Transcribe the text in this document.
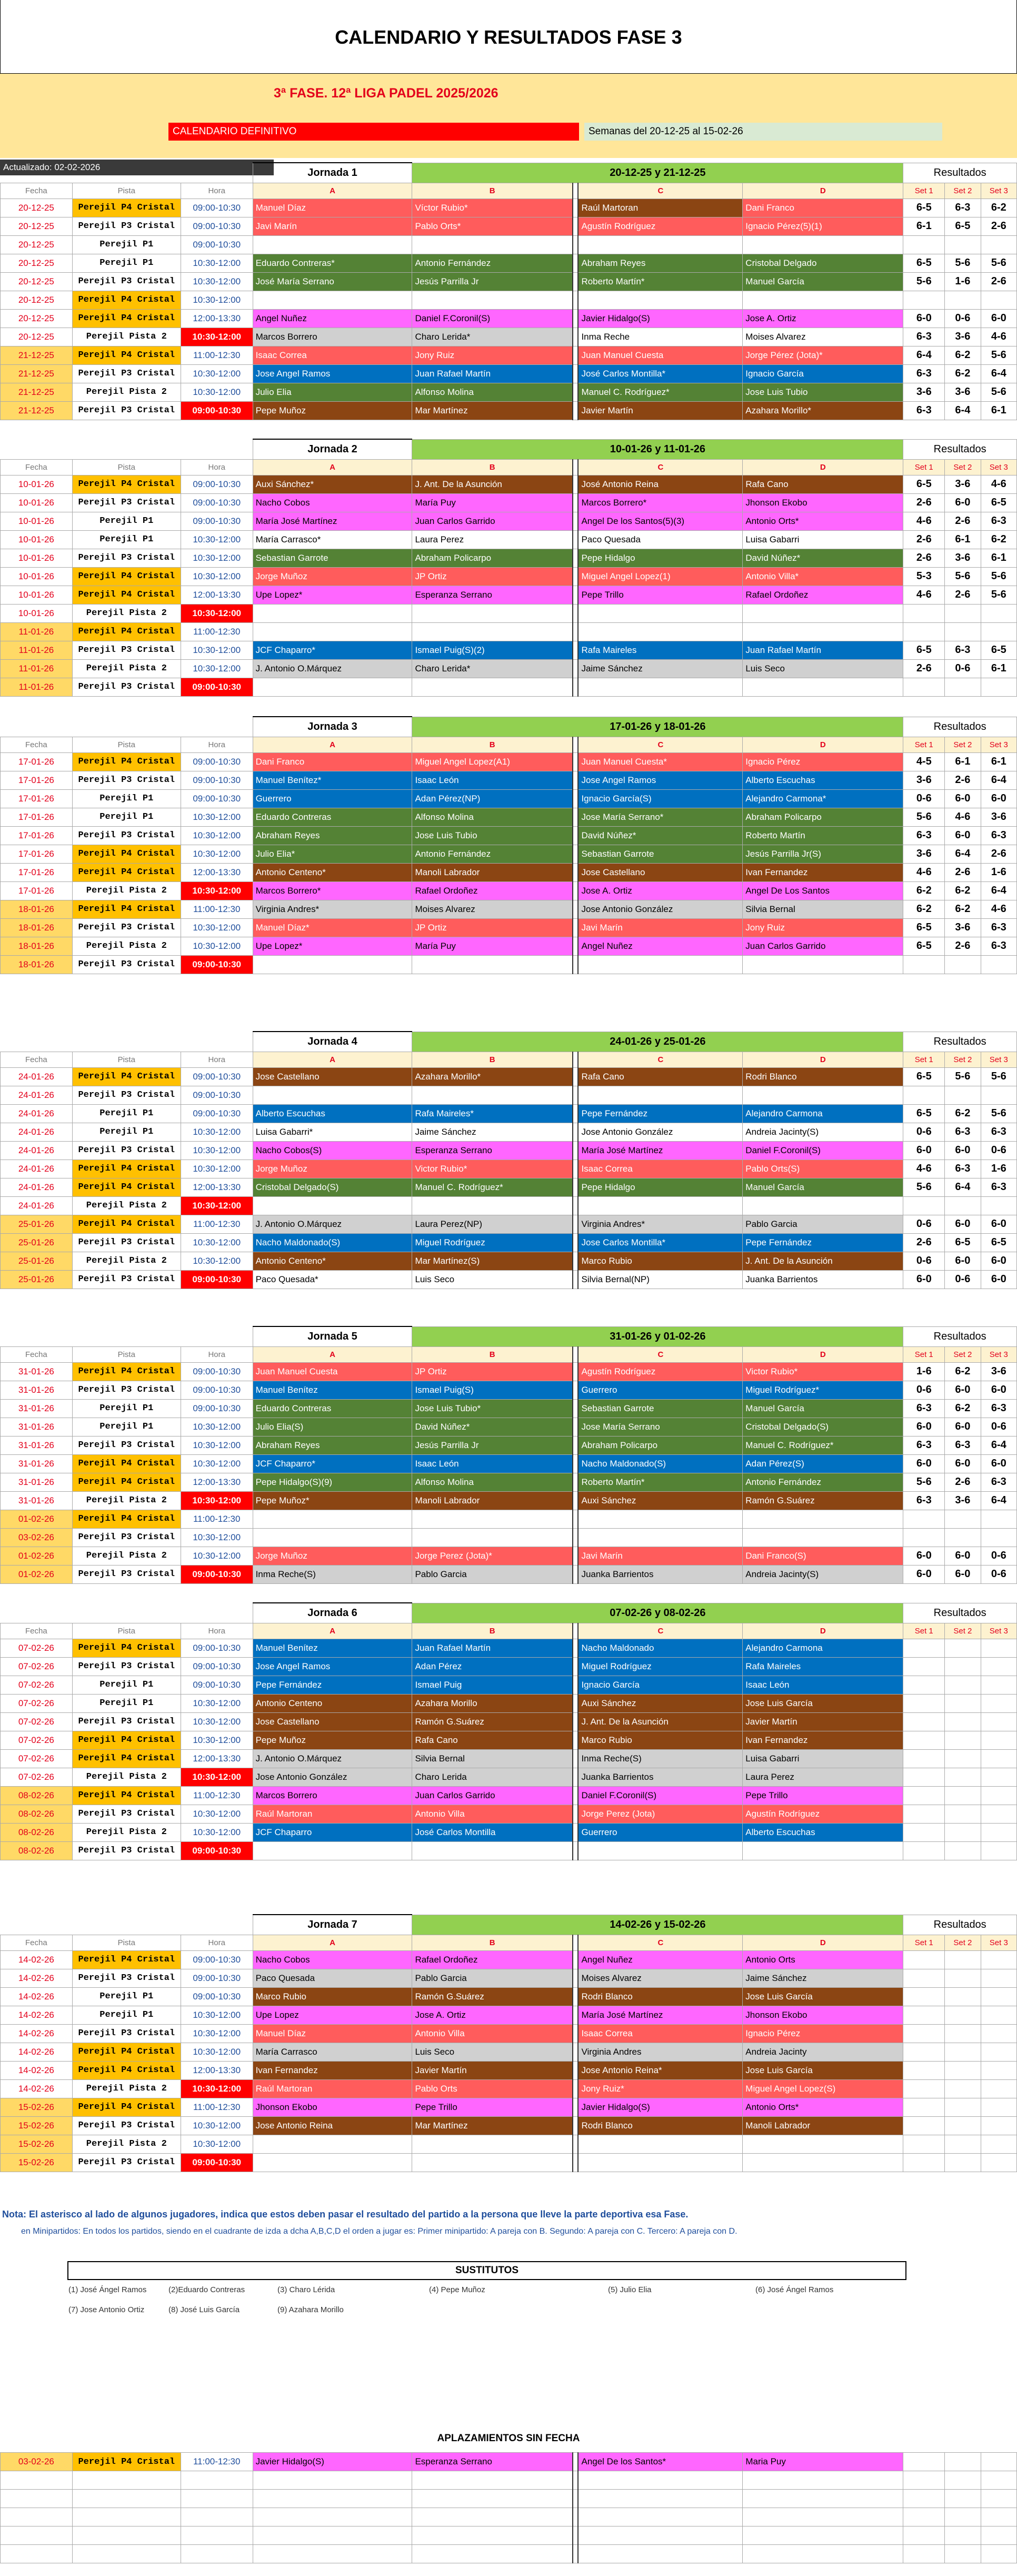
CALENDARIO Y RESULTADOS FASE 3
3ª FASE. 12ª LIGA PADEL 2025/2026
CALENDARIO DEFINITIVO	Semanas del 20-12-25 al 15-02-26
Actualizado: 02-02-2026
			Jornada 1	20-12-25 y 21-12-25				Resultados		
Fecha	Pista	Hora	A	B		C	D	Set 1	Set 2	Set 3
20-12-25	Perejil P4 Cristal	09:00-10:30	Manuel Díaz	Víctor Rubio*		Raúl Martoran	Dani Franco	6-5	6-3	6-2
20-12-25	Perejil P3 Cristal	09:00-10:30	Javi Marín	Pablo Orts*		Agustín Rodríguez	Ignacio Pérez(5)(1)	6-1	6-5	2-6
20-12-25	Perejil P1	09:00-10:30								
20-12-25	Perejil P1	10:30-12:00	Eduardo Contreras*	Antonio Fernández		Abraham Reyes	Cristobal Delgado	6-5	5-6	5-6
20-12-25	Perejil P3 Cristal	10:30-12:00	José María Serrano	Jesús Parrilla Jr		Roberto Martín*	Manuel García	5-6	1-6	2-6
20-12-25	Perejil P4 Cristal	10:30-12:00								
20-12-25	Perejil P4 Cristal	12:00-13:30	Angel Nuñez	Daniel F.Coronil(S)		Javier Hidalgo(S)	Jose A. Ortiz	6-0	0-6	6-0
20-12-25	Perejil Pista 2	10:30-12:00	Marcos Borrero	Charo Lerida*		Inma Reche	Moises Alvarez	6-3	3-6	4-6
21-12-25	Perejil P4 Cristal	11:00-12:30	Isaac Correa	Jony Ruiz		Juan Manuel Cuesta	Jorge Pérez (Jota)*	6-4	6-2	5-6
21-12-25	Perejil P3 Cristal	10:30-12:00	Jose Angel Ramos	Juan Rafael Martín		José Carlos Montilla*	Ignacio García	6-3	6-2	6-4
21-12-25	Perejil Pista 2	10:30-12:00	Julio Elia	Alfonso Molina		Manuel C. Rodríguez*	Jose Luis Tubio	3-6	3-6	5-6
21-12-25	Perejil P3 Cristal	09:00-10:30	Pepe Muñoz	Mar Martínez		Javier Martín	Azahara Morillo*	6-3	6-4	6-1
			Jornada 2	10-01-26 y 11-01-26				Resultados		
Fecha	Pista	Hora	A	B		C	D	Set 1	Set 2	Set 3
10-01-26	Perejil P4 Cristal	09:00-10:30	Auxi Sánchez*	J. Ant. De la Asunción		José Antonio Reina	Rafa Cano	6-5	3-6	4-6
10-01-26	Perejil P3 Cristal	09:00-10:30	Nacho Cobos	María Puy		Marcos Borrero*	Jhonson Ekobo	2-6	6-0	6-5
10-01-26	Perejil P1	09:00-10:30	María José Martínez	Juan Carlos Garrido		Angel De los Santos(5)(3)	Antonio Orts*	4-6	2-6	6-3
10-01-26	Perejil P1	10:30-12:00	María Carrasco*	Laura Perez		Paco Quesada	Luisa Gabarri	2-6	6-1	6-2
10-01-26	Perejil P3 Cristal	10:30-12:00	Sebastian Garrote	Abraham Policarpo		Pepe Hidalgo	David Núñez*	2-6	3-6	6-1
10-01-26	Perejil P4 Cristal	10:30-12:00	Jorge Muñoz	JP Ortiz		Miguel Angel Lopez(1)	Antonio Villa*	5-3	5-6	5-6
10-01-26	Perejil P4 Cristal	12:00-13:30	Upe Lopez*	Esperanza Serrano		Pepe Trillo	Rafael Ordoñez	4-6	2-6	5-6
10-01-26	Perejil Pista 2	10:30-12:00								
11-01-26	Perejil P4 Cristal	11:00-12:30								
11-01-26	Perejil P3 Cristal	10:30-12:00	JCF Chaparro*	Ismael Puig(S)(2)		Rafa Maireles	Juan Rafael Martín	6-5	6-3	6-5
11-01-26	Perejil Pista 2	10:30-12:00	J. Antonio O.Márquez	Charo Lerida*		Jaime Sánchez	Luis Seco	2-6	0-6	6-1
11-01-26	Perejil P3 Cristal	09:00-10:30								
			Jornada 3	17-01-26 y 18-01-26				Resultados		
Fecha	Pista	Hora	A	B		C	D	Set 1	Set 2	Set 3
17-01-26	Perejil P4 Cristal	09:00-10:30	Dani Franco	Miguel Angel Lopez(A1)		Juan Manuel Cuesta*	Ignacio Pérez	4-5	6-1	6-1
17-01-26	Perejil P3 Cristal	09:00-10:30	Manuel Benítez*	Isaac León		Jose Angel Ramos	Alberto Escuchas	3-6	2-6	6-4
17-01-26	Perejil P1	09:00-10:30	Guerrero	Adan Pérez(NP)		Ignacio García(S)	Alejandro Carmona*	0-6	6-0	6-0
17-01-26	Perejil P1	10:30-12:00	Eduardo Contreras	Alfonso Molina		Jose María Serrano*	Abraham Policarpo	5-6	4-6	3-6
17-01-26	Perejil P3 Cristal	10:30-12:00	Abraham Reyes	Jose Luis Tubio		David Núñez*	Roberto Martín	6-3	6-0	6-3
17-01-26	Perejil P4 Cristal	10:30-12:00	Julio Elia*	Antonio Fernández		Sebastian Garrote	Jesús Parrilla Jr(S)	3-6	6-4	2-6
17-01-26	Perejil P4 Cristal	12:00-13:30	Antonio Centeno*	Manoli Labrador		Jose Castellano	Ivan Fernandez	4-6	2-6	1-6
17-01-26	Perejil Pista 2	10:30-12:00	Marcos Borrero*	Rafael Ordoñez		Jose A. Ortiz	Angel De Los Santos	6-2	6-2	6-4
18-01-26	Perejil P4 Cristal	11:00-12:30	Virginia Andres*	Moises Alvarez		Jose Antonio González	Silvia Bernal	6-2	6-2	4-6
18-01-26	Perejil P3 Cristal	10:30-12:00	Manuel Díaz*	JP Ortiz		Javi Marín	Jony Ruiz	6-5	3-6	6-3
18-01-26	Perejil Pista 2	10:30-12:00	Upe Lopez*	María Puy		Angel Nuñez	Juan Carlos Garrido	6-5	2-6	6-3
18-01-26	Perejil P3 Cristal	09:00-10:30								
			Jornada 4	24-01-26 y 25-01-26				Resultados		
Fecha	Pista	Hora	A	B		C	D	Set 1	Set 2	Set 3
24-01-26	Perejil P4 Cristal	09:00-10:30	Jose Castellano	Azahara Morillo*		Rafa Cano	Rodri Blanco	6-5	5-6	5-6
24-01-26	Perejil P3 Cristal	09:00-10:30								
24-01-26	Perejil P1	09:00-10:30	Alberto Escuchas	Rafa Maireles*		Pepe Fernández	Alejandro Carmona	6-5	6-2	5-6
24-01-26	Perejil P1	10:30-12:00	Luisa Gabarri*	Jaime Sánchez		Jose Antonio González	Andreia Jacinty(S)	0-6	6-3	6-3
24-01-26	Perejil P3 Cristal	10:30-12:00	Nacho Cobos(S)	Esperanza Serrano		María José Martínez	Daniel F.Coronil(S)	6-0	6-0	0-6
24-01-26	Perejil P4 Cristal	10:30-12:00	Jorge Muñoz	Victor Rubio*		Isaac Correa	Pablo Orts(S)	4-6	6-3	1-6
24-01-26	Perejil P4 Cristal	12:00-13:30	Cristobal Delgado(S)	Manuel C. Rodríguez*		Pepe Hidalgo	Manuel García	5-6	6-4	6-3
24-01-26	Perejil Pista 2	10:30-12:00								
25-01-26	Perejil P4 Cristal	11:00-12:30	J. Antonio O.Márquez	Laura Perez(NP)		Virginia Andres*	Pablo Garcia	0-6	6-0	6-0
25-01-26	Perejil P3 Cristal	10:30-12:00	Nacho Maldonado(S)	Miguel Rodríguez		Jose Carlos Montilla*	Pepe Fernández	2-6	6-5	6-5
25-01-26	Perejil Pista 2	10:30-12:00	Antonio Centeno*	Mar Martínez(S)		Marco Rubio	J. Ant. De la Asunción	0-6	6-0	6-0
25-01-26	Perejil P3 Cristal	09:00-10:30	Paco Quesada*	Luis Seco		Silvia Bernal(NP)	Juanka Barrientos	6-0	0-6	6-0
			Jornada 5	31-01-26 y 01-02-26				Resultados		
Fecha	Pista	Hora	A	B		C	D	Set 1	Set 2	Set 3
31-01-26	Perejil P4 Cristal	09:00-10:30	Juan Manuel Cuesta	JP Ortiz		Agustín Rodríguez	Victor Rubio*	1-6	6-2	3-6
31-01-26	Perejil P3 Cristal	09:00-10:30	Manuel Benítez	Ismael Puig(S)		Guerrero	Miguel Rodríguez*	0-6	6-0	6-0
31-01-26	Perejil P1	09:00-10:30	Eduardo Contreras	Jose Luis Tubio*		Sebastian Garrote	Manuel García	6-3	6-2	6-3
31-01-26	Perejil P1	10:30-12:00	Julio Elia(S)	David Núñez*		Jose María Serrano	Cristobal Delgado(S)	6-0	6-0	0-6
31-01-26	Perejil P3 Cristal	10:30-12:00	Abraham Reyes	Jesús Parrilla Jr		Abraham Policarpo	Manuel C. Rodríguez*	6-3	6-3	6-4
31-01-26	Perejil P4 Cristal	10:30-12:00	JCF Chaparro*	Isaac León		Nacho Maldonado(S)	Adan Pérez(S)	6-0	6-0	6-0
31-01-26	Perejil P4 Cristal	12:00-13:30	Pepe Hidalgo(S)(9)	Alfonso Molina		Roberto Martín*	Antonio Fernández	5-6	2-6	6-3
31-01-26	Perejil Pista 2	10:30-12:00	Pepe Muñoz*	Manoli Labrador		Auxi Sánchez	Ramón G.Suárez	6-3	3-6	6-4
01-02-26	Perejil P4 Cristal	11:00-12:30								
03-02-26	Perejil P3 Cristal	10:30-12:00								
01-02-26	Perejil Pista 2	10:30-12:00	Jorge Muñoz	Jorge Perez (Jota)*		Javi Marín	Dani Franco(S)	6-0	6-0	0-6
01-02-26	Perejil P3 Cristal	09:00-10:30	Inma Reche(S)	Pablo Garcia		Juanka Barrientos	Andreia Jacinty(S)	6-0	6-0	0-6
			Jornada 6	07-02-26 y 08-02-26				Resultados		
Fecha	Pista	Hora	A	B		C	D	Set 1	Set 2	Set 3
07-02-26	Perejil P4 Cristal	09:00-10:30	Manuel Benítez	Juan Rafael Martín		Nacho Maldonado	Alejandro Carmona			
07-02-26	Perejil P3 Cristal	09:00-10:30	Jose Angel Ramos	Adan Pérez		Miguel Rodríguez	Rafa Maireles			
07-02-26	Perejil P1	09:00-10:30	Pepe Fernández	Ismael Puig		Ignacio García	Isaac León			
07-02-26	Perejil P1	10:30-12:00	Antonio Centeno	Azahara Morillo		Auxi Sánchez	Jose Luis García			
07-02-26	Perejil P3 Cristal	10:30-12:00	Jose Castellano	Ramón G.Suárez		J. Ant. De la Asunción	Javier Martín			
07-02-26	Perejil P4 Cristal	10:30-12:00	Pepe Muñoz	Rafa Cano		Marco Rubio	Ivan Fernandez			
07-02-26	Perejil P4 Cristal	12:00-13:30	J. Antonio O.Márquez	Silvia Bernal		Inma Reche(S)	Luisa Gabarri			
07-02-26	Perejil Pista 2	10:30-12:00	Jose Antonio González	Charo Lerida		Juanka Barrientos	Laura Perez			
08-02-26	Perejil P4 Cristal	11:00-12:30	Marcos Borrero	Juan Carlos Garrido		Daniel F.Coronil(S)	Pepe Trillo			
08-02-26	Perejil P3 Cristal	10:30-12:00	Raúl Martoran	Antonio Villa		Jorge Perez (Jota)	Agustín Rodríguez			
08-02-26	Perejil Pista 2	10:30-12:00	JCF Chaparro	José Carlos Montilla		Guerrero	Alberto Escuchas			
08-02-26	Perejil P3 Cristal	09:00-10:30								
			Jornada 7	14-02-26 y 15-02-26				Resultados		
Fecha	Pista	Hora	A	B		C	D	Set 1	Set 2	Set 3
14-02-26	Perejil P4 Cristal	09:00-10:30	Nacho Cobos	Rafael Ordoñez		Angel Nuñez	Antonio Orts			
14-02-26	Perejil P3 Cristal	09:00-10:30	Paco Quesada	Pablo Garcia		Moises Alvarez	Jaime Sánchez			
14-02-26	Perejil P1	09:00-10:30	Marco Rubio	Ramón G.Suárez		Rodri Blanco	Jose Luis García			
14-02-26	Perejil P1	10:30-12:00	Upe Lopez	Jose A. Ortiz		María José Martínez	Jhonson Ekobo			
14-02-26	Perejil P3 Cristal	10:30-12:00	Manuel Díaz	Antonio Villa		Isaac Correa	Ignacio Pérez			
14-02-26	Perejil P4 Cristal	10:30-12:00	María Carrasco	Luis Seco		Virginia Andres	Andreia Jacinty			
14-02-26	Perejil P4 Cristal	12:00-13:30	Ivan Fernandez	Javier Martín		Jose Antonio Reina*	Jose Luis García			
14-02-26	Perejil Pista 2	10:30-12:00	Raúl Martoran	Pablo Orts		Jony Ruiz*	Miguel Angel Lopez(S)			
15-02-26	Perejil P4 Cristal	11:00-12:30	Jhonson Ekobo	Pepe Trillo		Javier Hidalgo(S)	Antonio Orts*			
15-02-26	Perejil P3 Cristal	10:30-12:00	Jose Antonio Reina	Mar Martínez		Rodri Blanco	Manoli Labrador			
15-02-26	Perejil Pista 2	10:30-12:00								
15-02-26	Perejil P3 Cristal	09:00-10:30								
Nota: El asterisco al lado de algunos jugadores, indica que estos deben pasar el resultado del partido a la persona que lleve la parte deportiva esa Fase.
en Minipartidos: En todos los partidos, siendo en el cuadrante de izda a dcha A,B,C,D el orden a jugar es: Primer minipartido: A pareja con B. Segundo: A pareja con C. Tercero: A pareja con D.
SUSTITUTOS
(1) José Ángel Ramos	(2)Eduardo Contreras	(3) Charo Lérida	(4) Pepe Muñoz	(5) Julio Elia	(6) José Ángel Ramos
(7) Jose Antonio Ortiz	(8) José Luis García	(9) Azahara Morillo
APLAZAMIENTOS SIN FECHA
03-02-26	Perejil P4 Cristal	11:00-12:30	Javier Hidalgo(S)	Esperanza Serrano		Angel De los Santos*	Maria Puy			
